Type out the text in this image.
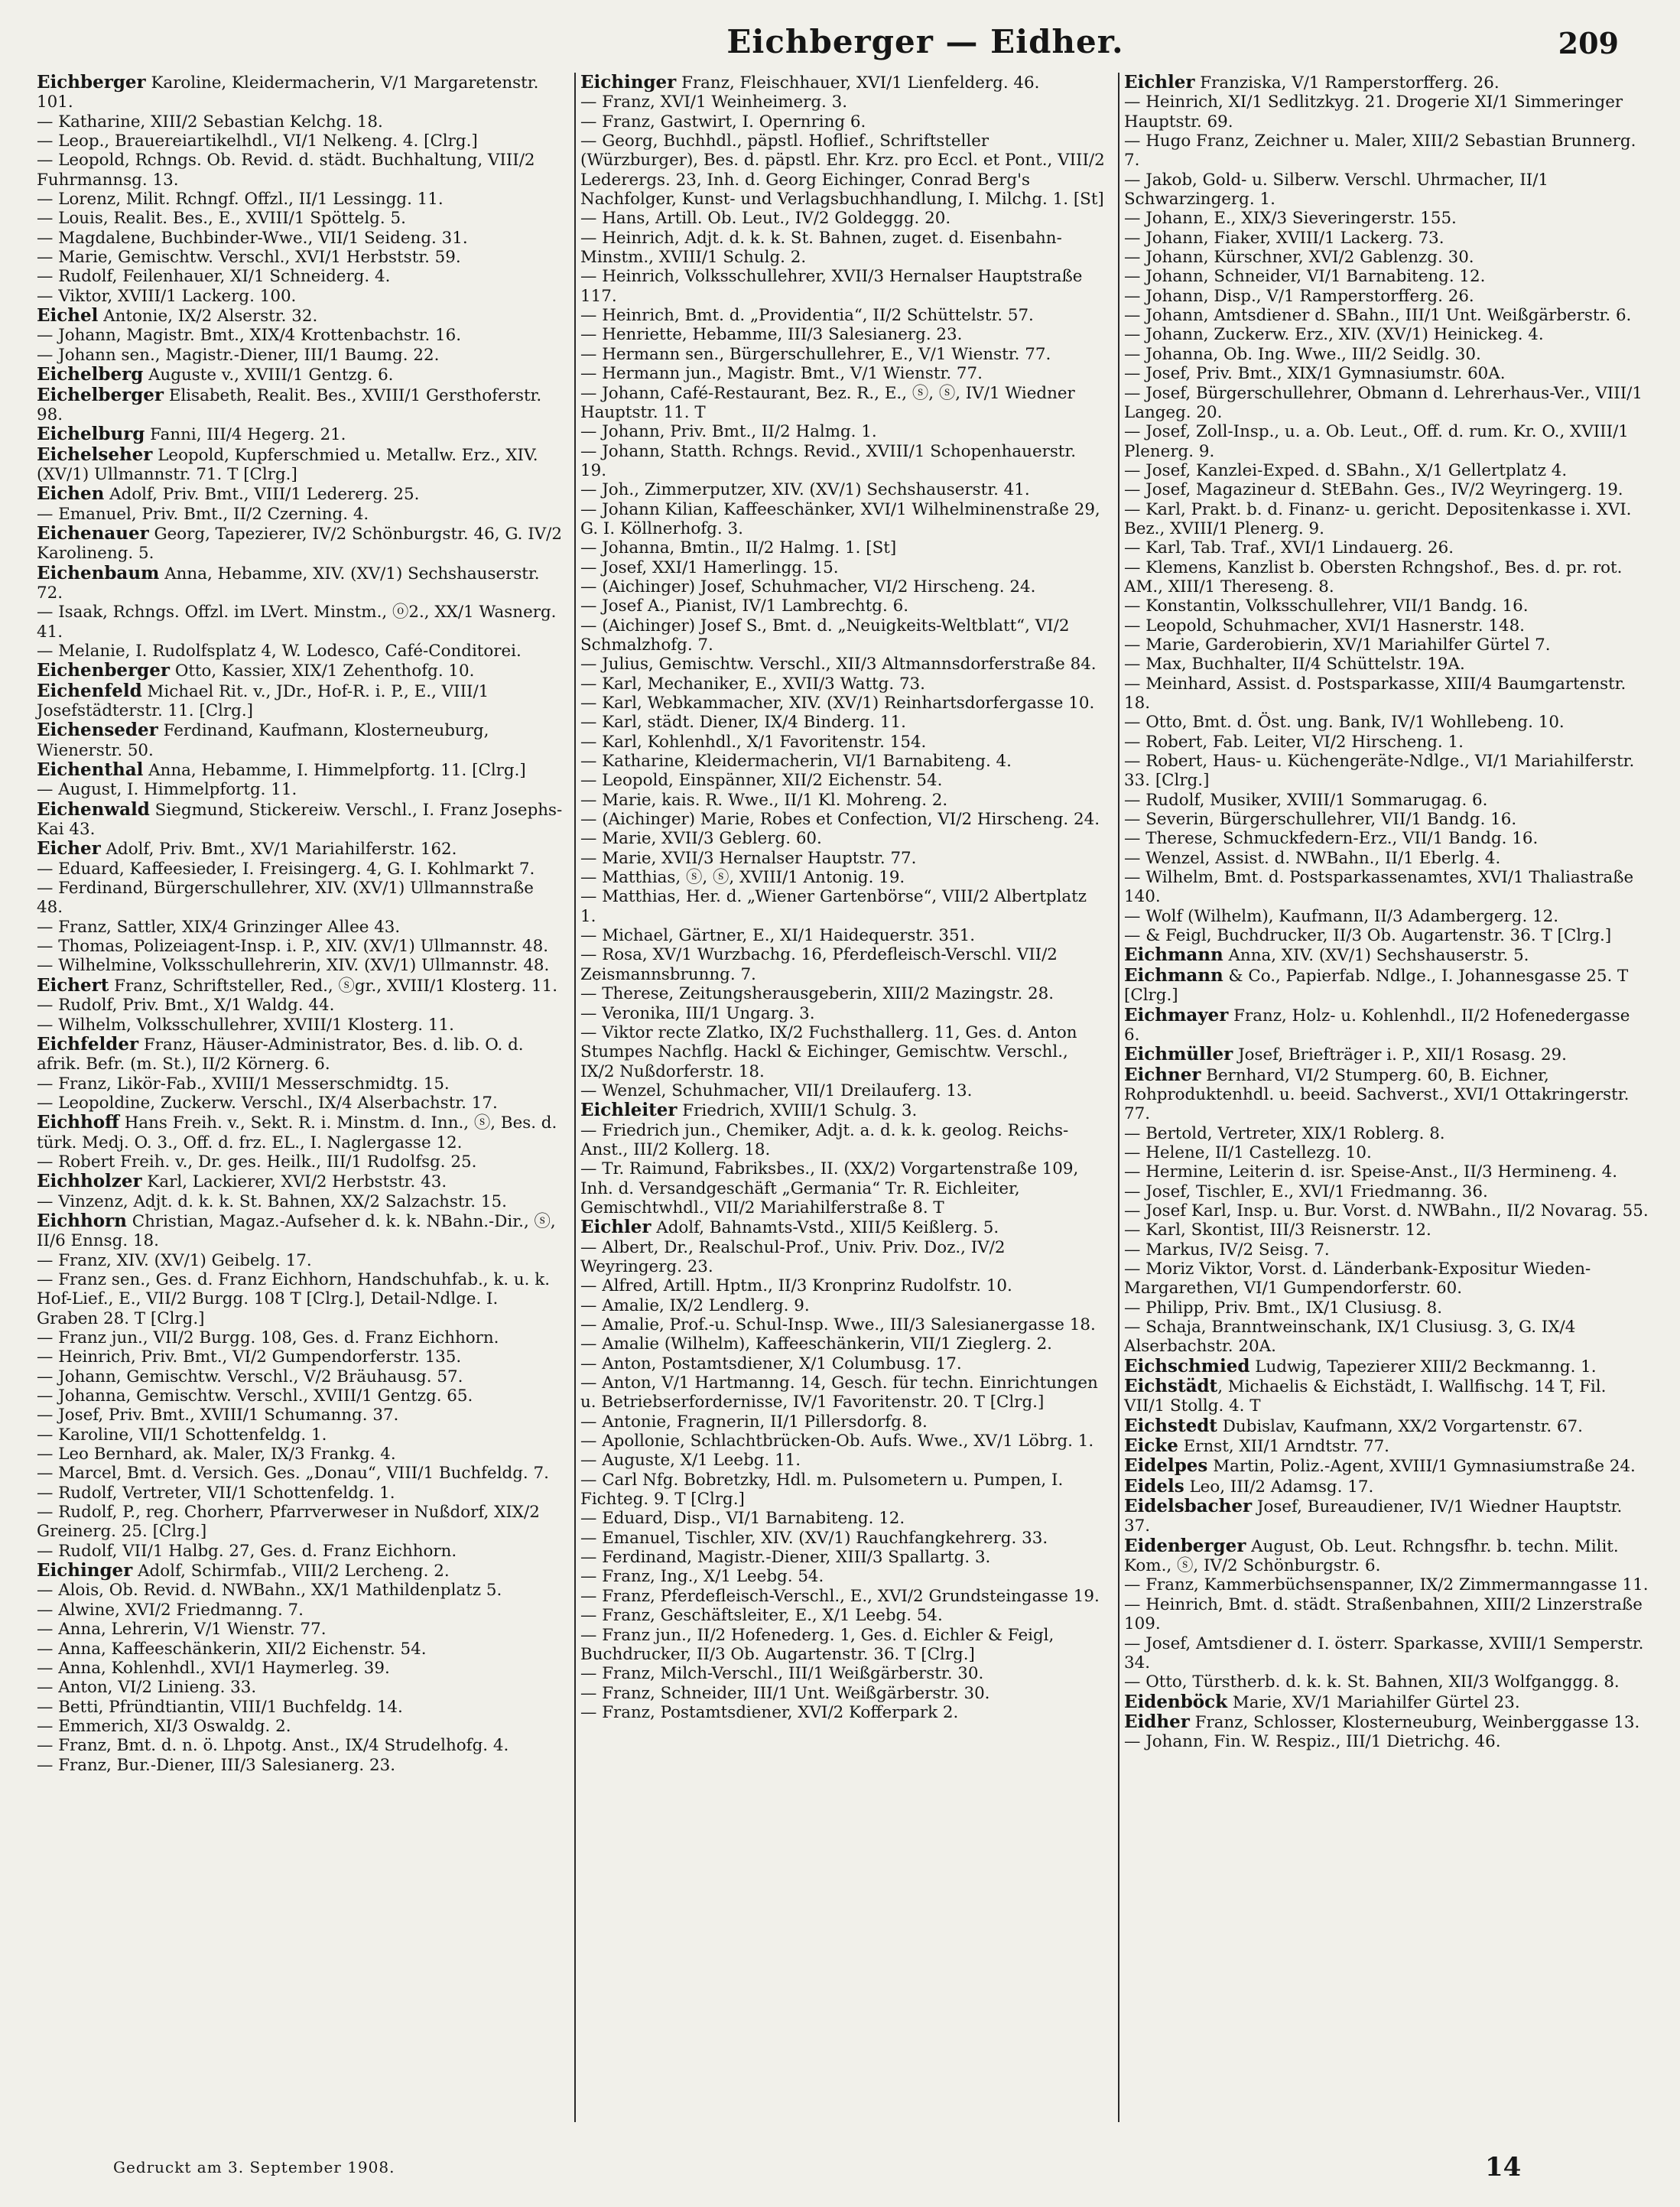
Eichberger — Eidher.	209

Eichberger Karoline, Kleidermacherin, V/1 Margaretenstr. 101.

— Katharine, XIII/2 Sebastian Kelchg. 18.

— Leop., Brauereiartikelhdl., VI/1 Nelkeng. 4. [Clrg.]

— Leopold, Rchngs. Ob. Revid. d. städt. Buchhaltung, VIII/2 Fuhrmannsg. 13.

— Lorenz, Milit. Rchngf. Offzl., II/1 Lessingg. 11.

— Louis, Realit. Bes., E., XVIII/1 Spöttelg. 5.

— Magdalene, Buchbinder-Wwe., VII/1 Seideng. 31.

— Marie, Gemischtw. Verschl., XVI/1 Herbststr. 59.

— Rudolf, Feilenhauer, XI/1 Schneiderg. 4.

— Viktor, XVIII/1 Lackerg. 100.

Eichel Antonie, IX/2 Alserstr. 32.

— Johann, Magistr. Bmt., XIX/4 Krottenbachstr. 16.

— Johann sen., Magistr.-Diener, III/1 Baumg. 22.

Eichelberg Auguste v., XVIII/1 Gentzg. 6.

Eichelberger Elisabeth, Realit. Bes., XVIII/1 Gersthoferstr. 98.

Eichelburg Fanni, III/4 Hegerg. 21.

Eichelseher Leopold, Kupferschmied u. Metallw. Erz., XIV. (XV/1) Ullmannstr. 71. T [Clrg.]

Eichen Adolf, Priv. Bmt., VIII/1 Ledererg. 25.

— Emanuel, Priv. Bmt., II/2 Czerning. 4.

Eichenauer Georg, Tapezierer, IV/2 Schönburgstr. 46, G. IV/2 Karolineng. 5.

Eichenbaum Anna, Hebamme, XIV. (XV/1) Sechshauserstr. 72.

— Isaak, Rchngs. Offzl. im LVert. Minstm., ⓞ2., XX/1 Wasnerg. 41.

— Melanie, I. Rudolfsplatz 4, W. Lodesco, Café-Conditorei.

Eichenberger Otto, Kassier, XIX/1 Zehenthofg. 10.

Eichenfeld Michael Rit. v., JDr., Hof-R. i. P., E., VIII/1 Josefstädterstr. 11. [Clrg.]

Eichenseder Ferdinand, Kaufmann, Klosterneuburg, Wienerstr. 50.

Eichenthal Anna, Hebamme, I. Himmelpfortg. 11. [Clrg.]

— August, I. Himmelpfortg. 11.

Eichenwald Siegmund, Stickereiw. Verschl., I. Franz Josephs-Kai 43.

Eicher Adolf, Priv. Bmt., XV/1 Mariahilferstr. 162.

— Eduard, Kaffeesieder, I. Freisingerg. 4, G. I. Kohlmarkt 7.

— Ferdinand, Bürgerschullehrer, XIV. (XV/1) Ullmannstraße 48.

— Franz, Sattler, XIX/4 Grinzinger Allee 43.

— Thomas, Polizeiagent-Insp. i. P., XIV. (XV/1) Ullmannstr. 48.

— Wilhelmine, Volksschullehrerin, XIV. (XV/1) Ullmannstr. 48.

Eichert Franz, Schriftsteller, Red., ⓢgr., XVIII/1 Klosterg. 11.

— Rudolf, Priv. Bmt., X/1 Waldg. 44.

— Wilhelm, Volksschullehrer, XVIII/1 Klosterg. 11.

Eichfelder Franz, Häuser-Administrator, Bes. d. lib. O. d. afrik. Befr. (m. St.), II/2 Körnerg. 6.

— Franz, Likör-Fab., XVIII/1 Messerschmidtg. 15.

— Leopoldine, Zuckerw. Verschl., IX/4 Alserbachstr. 17.

Eichhoff Hans Freih. v., Sekt. R. i. Minstm. d. Inn., ⓢ, Bes. d. türk. Medj. O. 3., Off. d. frz. EL., I. Naglergasse 12.

— Robert Freih. v., Dr. ges. Heilk., III/1 Rudolfsg. 25.

Eichholzer Karl, Lackierer, XVI/2 Herbststr. 43.

— Vinzenz, Adjt. d. k. k. St. Bahnen, XX/2 Salzachstr. 15.

Eichhorn Christian, Magaz.-Aufseher d. k. k. NBahn.-Dir., ⓢ, II/6 Ennsg. 18.

— Franz, XIV. (XV/1) Geibelg. 17.

— Franz sen., Ges. d. Franz Eichhorn, Handschuhfab., k. u. k. Hof-Lief., E., VII/2 Burgg. 108 T [Clrg.], Detail-Ndlge. I. Graben 28. T [Clrg.]

— Franz jun., VII/2 Burgg. 108, Ges. d. Franz Eichhorn.

— Heinrich, Priv. Bmt., VI/2 Gumpendorferstr. 135.

— Johann, Gemischtw. Verschl., V/2 Bräuhausg. 57.

— Johanna, Gemischtw. Verschl., XVIII/1 Gentzg. 65.

— Josef, Priv. Bmt., XVIII/1 Schumanng. 37.

— Karoline, VII/1 Schottenfeldg. 1.

— Leo Bernhard, ak. Maler, IX/3 Frankg. 4.

— Marcel, Bmt. d. Versich. Ges. „Donau“, VIII/1 Buchfeldg. 7.

— Rudolf, Vertreter, VII/1 Schottenfeldg. 1.

— Rudolf, P., reg. Chorherr, Pfarrverweser in Nußdorf, XIX/2 Greinerg. 25. [Clrg.]

— Rudolf, VII/1 Halbg. 27, Ges. d. Franz Eichhorn.

Eichinger Adolf, Schirmfab., VIII/2 Lercheng. 2.

— Alois, Ob. Revid. d. NWBahn., XX/1 Mathildenplatz 5.

— Alwine, XVI/2 Friedmanng. 7.

— Anna, Lehrerin, V/1 Wienstr. 77.

— Anna, Kaffeeschänkerin, XII/2 Eichenstr. 54.

— Anna, Kohlenhdl., XVI/1 Haymerleg. 39.

— Anton, VI/2 Linieng. 33.

— Betti, Pfründtiantin, VIII/1 Buchfeldg. 14.

— Emmerich, XI/3 Oswaldg. 2.

— Franz, Bmt. d. n. ö. Lhpotg. Anst., IX/4 Strudelhofg. 4.

— Franz, Bur.-Diener, III/3 Salesianerg. 23.

Eichinger Franz, Fleischhauer, XVI/1 Lienfelderg. 46.

— Franz, XVI/1 Weinheimerg. 3.

— Franz, Gastwirt, I. Opernring 6.

— Georg, Buchhdl., päpstl. Hoflief., Schriftsteller (Würzburger), Bes. d. päpstl. Ehr. Krz. pro Eccl. et Pont., VIII/2 Lederergs. 23, Inh. d. Georg Eichinger, Conrad Berg's Nachfolger, Kunst- und Verlagsbuchhandlung, I. Milchg. 1. [St]

— Hans, Artill. Ob. Leut., IV/2 Goldeggg. 20.

— Heinrich, Adjt. d. k. k. St. Bahnen, zuget. d. Eisenbahn-Minstm., XVIII/1 Schulg. 2.

— Heinrich, Volksschullehrer, XVII/3 Hernalser Hauptstraße 117.

— Heinrich, Bmt. d. „Providentia“, II/2 Schüttelstr. 57.

— Henriette, Hebamme, III/3 Salesianerg. 23.

— Hermann sen., Bürgerschullehrer, E., V/1 Wienstr. 77.

— Hermann jun., Magistr. Bmt., V/1 Wienstr. 77.

— Johann, Café-Restaurant, Bez. R., E., ⓢ, ⓢ, IV/1 Wiedner Hauptstr. 11. T

— Johann, Priv. Bmt., II/2 Halmg. 1.

— Johann, Statth. Rchngs. Revid., XVIII/1 Schopenhauerstr. 19.

— Joh., Zimmerputzer, XIV. (XV/1) Sechshauserstr. 41.

— Johann Kilian, Kaffeeschänker, XVI/1 Wilhelminenstraße 29, G. I. Köllnerhofg. 3.

— Johanna, Bmtin., II/2 Halmg. 1. [St]

— Josef, XXI/1 Hamerlingg. 15.

— (Aichinger) Josef, Schuhmacher, VI/2 Hirscheng. 24.

— Josef A., Pianist, IV/1 Lambrechtg. 6.

— (Aichinger) Josef S., Bmt. d. „Neuigkeits-Weltblatt“, VI/2 Schmalzhofg. 7.

— Julius, Gemischtw. Verschl., XII/3 Altmannsdorferstraße 84.

— Karl, Mechaniker, E., XVII/3 Wattg. 73.

— Karl, Webkammacher, XIV. (XV/1) Reinhartsdorfergasse 10.

— Karl, städt. Diener, IX/4 Binderg. 11.

— Karl, Kohlenhdl., X/1 Favoritenstr. 154.

— Katharine, Kleidermacherin, VI/1 Barnabiteng. 4.

— Leopold, Einspänner, XII/2 Eichenstr. 54.

— Marie, kais. R. Wwe., II/1 Kl. Mohreng. 2.

— (Aichinger) Marie, Robes et Confection, VI/2 Hirscheng. 24.

— Marie, XVII/3 Geblerg. 60.

— Marie, XVII/3 Hernalser Hauptstr. 77.

— Matthias, ⓢ, ⓢ, XVIII/1 Antonig. 19.

— Matthias, Her. d. „Wiener Gartenbörse“, VIII/2 Albertplatz 1.

— Michael, Gärtner, E., XI/1 Haidequerstr. 351.

— Rosa, XV/1 Wurzbachg. 16, Pferdefleisch-Verschl. VII/2 Zeismannsbrunng. 7.

— Therese, Zeitungsherausgeberin, XIII/2 Mazingstr. 28.

— Veronika, III/1 Ungarg. 3.

— Viktor recte Zlatko, IX/2 Fuchsthallerg. 11, Ges. d. Anton Stumpes Nachflg. Hackl & Eichinger, Gemischtw. Verschl., IX/2 Nußdorferstr. 18.

— Wenzel, Schuhmacher, VII/1 Dreilauferg. 13.

Eichleiter Friedrich, XVIII/1 Schulg. 3.

— Friedrich jun., Chemiker, Adjt. a. d. k. k. geolog. Reichs-Anst., III/2 Kollerg. 18.

— Tr. Raimund, Fabriksbes., II. (XX/2) Vorgartenstraße 109, Inh. d. Versandgeschäft „Germania“ Tr. R. Eichleiter, Gemischtwhdl., VII/2 Mariahilferstraße 8. T

Eichler Adolf, Bahnamts-Vstd., XIII/5 Keißlerg. 5.

— Albert, Dr., Realschul-Prof., Univ. Priv. Doz., IV/2 Weyringerg. 23.

— Alfred, Artill. Hptm., II/3 Kronprinz Rudolfstr. 10.

— Amalie, IX/2 Lendlerg. 9.

— Amalie, Prof.-u. Schul-Insp. Wwe., III/3 Salesianergasse 18.

— Amalie (Wilhelm), Kaffeeschänkerin, VII/1 Zieglerg. 2.

— Anton, Postamtsdiener, X/1 Columbusg. 17.

— Anton, V/1 Hartmanng. 14, Gesch. für techn. Einrichtungen u. Betriebserfordernisse, IV/1 Favoritenstr. 20. T [Clrg.]

— Antonie, Fragnerin, II/1 Pillersdorfg. 8.

— Apollonie, Schlachtbrücken-Ob. Aufs. Wwe., XV/1 Löbrg. 1.

— Auguste, X/1 Leebg. 11.

— Carl Nfg. Bobretzky, Hdl. m. Pulsometern u. Pumpen, I. Fichteg. 9. T [Clrg.]

— Eduard, Disp., VI/1 Barnabiteng. 12.

— Emanuel, Tischler, XIV. (XV/1) Rauchfangkehrerg. 33.

— Ferdinand, Magistr.-Diener, XIII/3 Spallartg. 3.

— Franz, Ing., X/1 Leebg. 54.

— Franz, Pferdefleisch-Verschl., E., XVI/2 Grundsteingasse 19.

— Franz, Geschäftsleiter, E., X/1 Leebg. 54.

— Franz jun., II/2 Hofenederg. 1, Ges. d. Eichler & Feigl, Buchdrucker, II/3 Ob. Augartenstr. 36. T [Clrg.]

— Franz, Milch-Verschl., III/1 Weißgärberstr. 30.

— Franz, Schneider, III/1 Unt. Weißgärberstr. 30.

— Franz, Postamtsdiener, XVI/2 Kofferpark 2.

Eichler Franziska, V/1 Ramperstorfferg. 26.

— Heinrich, XI/1 Sedlitzkyg. 21. Drogerie XI/1 Simmeringer Hauptstr. 69.

— Hugo Franz, Zeichner u. Maler, XIII/2 Sebastian Brunnerg. 7.

— Jakob, Gold- u. Silberw. Verschl. Uhrmacher, II/1 Schwarzingerg. 1.

— Johann, E., XIX/3 Sieveringerstr. 155.

— Johann, Fiaker, XVIII/1 Lackerg. 73.

— Johann, Kürschner, XVI/2 Gablenzg. 30.

— Johann, Schneider, VI/1 Barnabiteng. 12.

— Johann, Disp., V/1 Ramperstorfferg. 26.

— Johann, Amtsdiener d. SBahn., III/1 Unt. Weißgärberstr. 6.

— Johann, Zuckerw. Erz., XIV. (XV/1) Heinickeg. 4.

— Johanna, Ob. Ing. Wwe., III/2 Seidlg. 30.

— Josef, Priv. Bmt., XIX/1 Gymnasiumstr. 60A.

— Josef, Bürgerschullehrer, Obmann d. Lehrerhaus-Ver., VIII/1 Langeg. 20.

— Josef, Zoll-Insp., u. a. Ob. Leut., Off. d. rum. Kr. O., XVIII/1 Plenerg. 9.

— Josef, Kanzlei-Exped. d. SBahn., X/1 Gellertplatz 4.

— Josef, Magazineur d. StEBahn. Ges., IV/2 Weyringerg. 19.

— Karl, Prakt. b. d. Finanz- u. gericht. Depositenkasse i. XVI. Bez., XVIII/1 Plenerg. 9.

— Karl, Tab. Traf., XVI/1 Lindauerg. 26.

— Klemens, Kanzlist b. Obersten Rchngshof., Bes. d. pr. rot. AM., XIII/1 Thereseng. 8.

— Konstantin, Volksschullehrer, VII/1 Bandg. 16.

— Leopold, Schuhmacher, XVI/1 Hasnerstr. 148.

— Marie, Garderobierin, XV/1 Mariahilfer Gürtel 7.

— Max, Buchhalter, II/4 Schüttelstr. 19A.

— Meinhard, Assist. d. Postsparkasse, XIII/4 Baumgartenstr. 18.

— Otto, Bmt. d. Öst. ung. Bank, IV/1 Wohllebeng. 10.

— Robert, Fab. Leiter, VI/2 Hirscheng. 1.

— Robert, Haus- u. Küchengeräte-Ndlge., VI/1 Mariahilferstr. 33. [Clrg.]

— Rudolf, Musiker, XVIII/1 Sommarugag. 6.

— Severin, Bürgerschullehrer, VII/1 Bandg. 16.

— Therese, Schmuckfedern-Erz., VII/1 Bandg. 16.

— Wenzel, Assist. d. NWBahn., II/1 Eberlg. 4.

— Wilhelm, Bmt. d. Postsparkassenamtes, XVI/1 Thaliastraße 140.

— Wolf (Wilhelm), Kaufmann, II/3 Adambergerg. 12.

— & Feigl, Buchdrucker, II/3 Ob. Augartenstr. 36. T [Clrg.]

Eichmann Anna, XIV. (XV/1) Sechshauserstr. 5.

Eichmann & Co., Papierfab. Ndlge., I. Johannesgasse 25. T [Clrg.]

Eichmayer Franz, Holz- u. Kohlenhdl., II/2 Hofenedergasse 6.

Eichmüller Josef, Briefträger i. P., XII/1 Rosasg. 29.

Eichner Bernhard, VI/2 Stumperg. 60, B. Eichner, Rohproduktenhdl. u. beeid. Sachverst., XVI/1 Ottakringerstr. 77.

— Bertold, Vertreter, XIX/1 Roblerg. 8.

— Helene, II/1 Castellezg. 10.

— Hermine, Leiterin d. isr. Speise-Anst., II/3 Hermineng. 4.

— Josef, Tischler, E., XVI/1 Friedmanng. 36.

— Josef Karl, Insp. u. Bur. Vorst. d. NWBahn., II/2 Novarag. 55.

— Karl, Skontist, III/3 Reisnerstr. 12.

— Markus, IV/2 Seisg. 7.

— Moriz Viktor, Vorst. d. Länderbank-Expositur Wieden-Margarethen, VI/1 Gumpendorferstr. 60.

— Philipp, Priv. Bmt., IX/1 Clusiusg. 8.

— Schaja, Branntweinschank, IX/1 Clusiusg. 3, G. IX/4 Alserbachstr. 20A.

Eichschmied Ludwig, Tapezierer XIII/2 Beckmanng. 1.

Eichstädt, Michaelis & Eichstädt, I. Wallfischg. 14 T, Fil. VII/1 Stollg. 4. T

Eichstedt Dubislav, Kaufmann, XX/2 Vorgartenstr. 67.

Eicke Ernst, XII/1 Arndtstr. 77.

Eidelpes Martin, Poliz.-Agent, XVIII/1 Gymnasiumstraße 24.

Eidels Leo, III/2 Adamsg. 17.

Eidelsbacher Josef, Bureaudiener, IV/1 Wiedner Hauptstr. 37.

Eidenberger August, Ob. Leut. Rchngsfhr. b. techn. Milit. Kom., ⓢ, IV/2 Schönburgstr. 6.

— Franz, Kammerbüchsenspanner, IX/2 Zimmermanngasse 11.

— Heinrich, Bmt. d. städt. Straßenbahnen, XIII/2 Linzerstraße 109.

— Josef, Amtsdiener d. I. österr. Sparkasse, XVIII/1 Semperstr. 34.

— Otto, Türstherb. d. k. k. St. Bahnen, XII/3 Wolfganggg. 8.

Eidenböck Marie, XV/1 Mariahilfer Gürtel 23.

Eidher Franz, Schlosser, Klosterneuburg, Weinberggasse 13.

— Johann, Fin. W. Respiz., III/1 Dietrichg. 46.

Gedruckt am 3. September 1908.	14
